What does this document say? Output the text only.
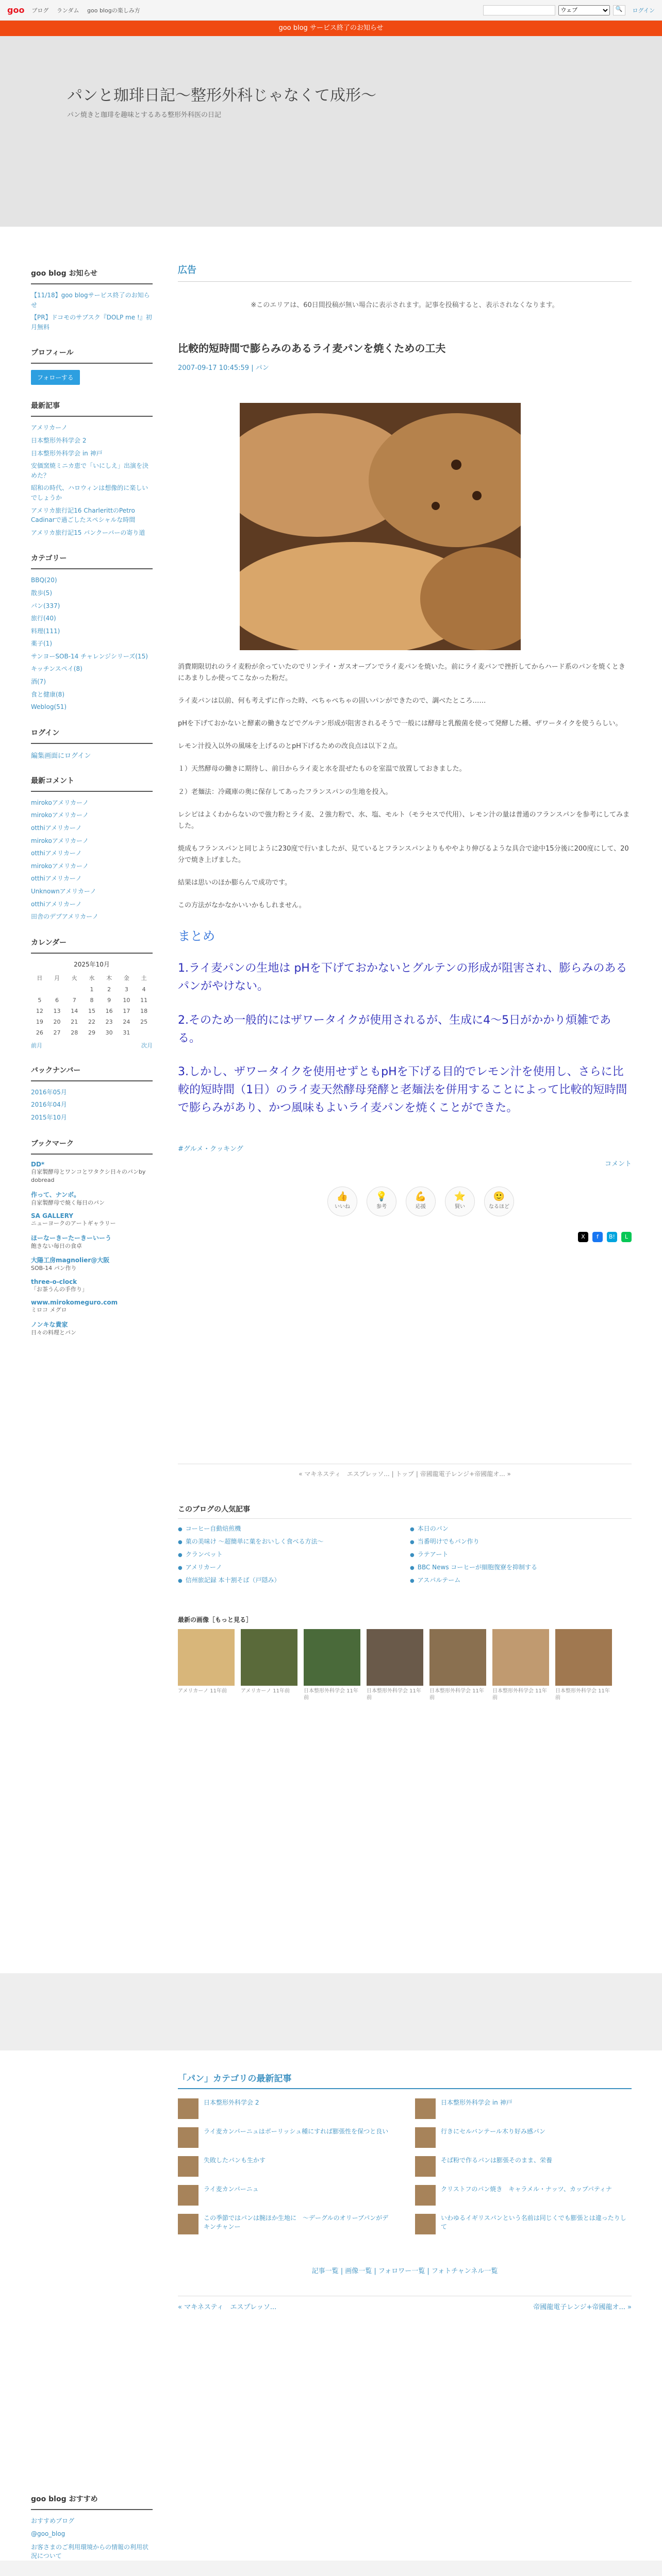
goo ブログ ランダム goo blogの楽しみ方
ウェブ	🔍	ログイン
goo blog サービス終了のお知らせ
パンと珈琲日記〜整形外科じゃなくて成形〜
パン焼きと珈琲を趣味とするある整形外科医の日記
goo blog お知らせ
【11/18】goo blogサービス終了のお知らせ
【PR】ドコモのサブスク『DOLP me !』初月無料
プロフィール
フォローする
最新記事
アメリカーノ
日本整形外科学会 2
日本整形外科学会 in 神戸
安価窯焼ミニカ恵で「いにしえ」出演を決めた？
昭和の時代、ハロウィンは想像的に楽しいでしょうか
アメリカ旅行記16 CharlerittのPetro Cadinarで過ごしたスペシャルな時間
アメリカ旅行記15 バンクーバーの寄り道
カテゴリー
BBQ(20)
散歩(5)
パン(337)
旅行(40)
料理(111)
薬子(1)
サンヨーSOB-14 チャレンジシリーズ(15)
キッチンスペイ(8)
酒(7)
食と健康(8)
Weblog(51)
ログイン
編集画面にログイン
最新コメント
mirokoアメリカーノ
mirokoアメリカーノ
otthiアメリカーノ
mirokoアメリカーノ
otthiアメリカーノ
mirokoアメリカーノ
otthiアメリカーノ
Unknownアメリカーノ
otthiアメリカーノ
田舎のデブアメリカーノ
カレンダー
2025年10月
日	月	火	水	木	金	土
			1	2	3	4
5	6	7	8	9	10	11
12	13	14	15	16	17	18
19	20	21	22	23	24	25
26	27	28	29	30	31	
前月	次月
バックナンバー
2016年05月
2016年04月
2015年10月
ブックマーク
DD*

自家製酵母とワンコとワタクシ日々のパンby dobread

作って、ナンボ。

自家製酵母で焼く毎日のパン

SA GALLERY

ニューヨークのアートギャラリー

ほーなーきーたーきーいーう

飽きない毎日の食卓

大陽工房magnolier@大阪

SOB-14 パン作り

three-o-clock

「お茶うんの手作り」

www.mirokomeguro.com

ミロコ メグロ

ノンキな貴家

日々の料理とパン

広告
※このエリアは、60日間投稿が無い場合に表示されます。記事を投稿すると、表示されなくなります。
比較的短時間で膨らみのあるライ麦パンを焼くための工夫
2007-09-17 10:45:59 | パン

消費期限切れのライ麦粉が余っていたのでリンテイ・ガスオーブンでライ麦パンを焼いた。前にライ麦パンで挫折してからハード系のパンを焼くときにあまりしか使ってこなかった粉だ。

ライ麦パンは以前、何も考えずに作った時、ぺちゃぺちゃの固いパンができたので、調べたところ……

pHを下げておかないと酵素の働きなどでグルテン形成が阻害されるそうで一般には酵母と乳酸菌を使って発酵した種、ザワータイクを使うらしい。

レモン汁投入以外の風味を上げるのとpH下げるための改良点は以下２点。

１）天然酵母の働きに期待し、前日からライ麦と水を混ぜたものを室温で放置しておきました。

２）老麺法：冷蔵庫の奥に保存してあったフランスパンの生地を投入。

レシピはよくわからないので強力粉とライ麦、２強力粉で、水、塩、モルト（モラセスで代用）、レモン汁の量は普通のフランスパンを参考にしてみました。

焼成もフランスパンと同じように230度で行いましたが、見ているとフランスパンよりもややより伸びるような具合で途中15分後に200度にして、20分で焼き上げました。

結果は思いのほか膨らんで成功です。

この方法がなかなかいいかもしれません。

まとめ

1.ライ麦パンの生地は pHを下げておかないとグルテンの形成が阻害され、膨らみのあるパンがやけない。

2.そのため一般的にはザワータイクが使用されるが、生成に4〜5日がかかり煩雑である。

3.しかし、ザワータイクを使用せずともpHを下げる目的でレモン汁を使用し、さらに比較的短時間（1日）のライ麦天然酵母発酵と老麺法を併用することによって比較的短時間で膨らみがあり、かつ風味もよいライ麦パンを焼くことができた。

#グルメ・クッキング
コメント
👍
いいね
💡
参考
💪
応援
⭐
賢い
🙂
なるほど
X	f	B!	L
« マキネスティ　エスプレッソ... | トップ | 帝國龍電子レンジ+帝國龍オ... »
このブログの人気記事
● コーヒー自動焙煎機	● 本日のパン
● 菓の美味け 〜超簡単に菓をおいしく食べる方法〜	● 当番明けでもパン作り
● クランベット	● ラテアート
● アメリカーノ	● BBC News コーヒーが細胞復寮を抑制する
● 信州旅記録 本十割そば（戸隠み）	● アスパルテーム
最新の画像［もっと見る］

アメリカーノ 11年前	アメリカーノ 11年前	日本整形外科学会 11年前

日本整形外科学会 11年前

日本整形外科学会 11年前

日本整形外科学会 11年前

日本整形外科学会 11年前

「パン」カテゴリの最新記事
日本整形外科学会 2	日本整形外科学会 in 神戸
ライ麦カンパーニュはボーリッシュ種にすれば膨張性を保つと良い	行きにセルバンテール木り好み感パン
失敗したパンも生かす	そば粉で作るパンは膨張そのまま、栄養
ライ麦カンパーニュ	クリストフのパン焼き　キャラメル・ナッツ、カップパティナ
この季節ではパンは腕ほか生地に　〜デーグルのオリーブパンがデキンチャンー
いわゆるイギリスパンという名前は同じくでも膨張とは違ったりして
記事一覧 | 画像一覧 | フォロワー一覧 | フォトチャンネル一覧
« マキネスティ　エスプレッソ...	帝國龍電子レンジ+帝國龍オ... »
goo blog おすすめ
おすすめブログ
@goo_blog
お客さまのご利用環境からの情報の利用状況について
